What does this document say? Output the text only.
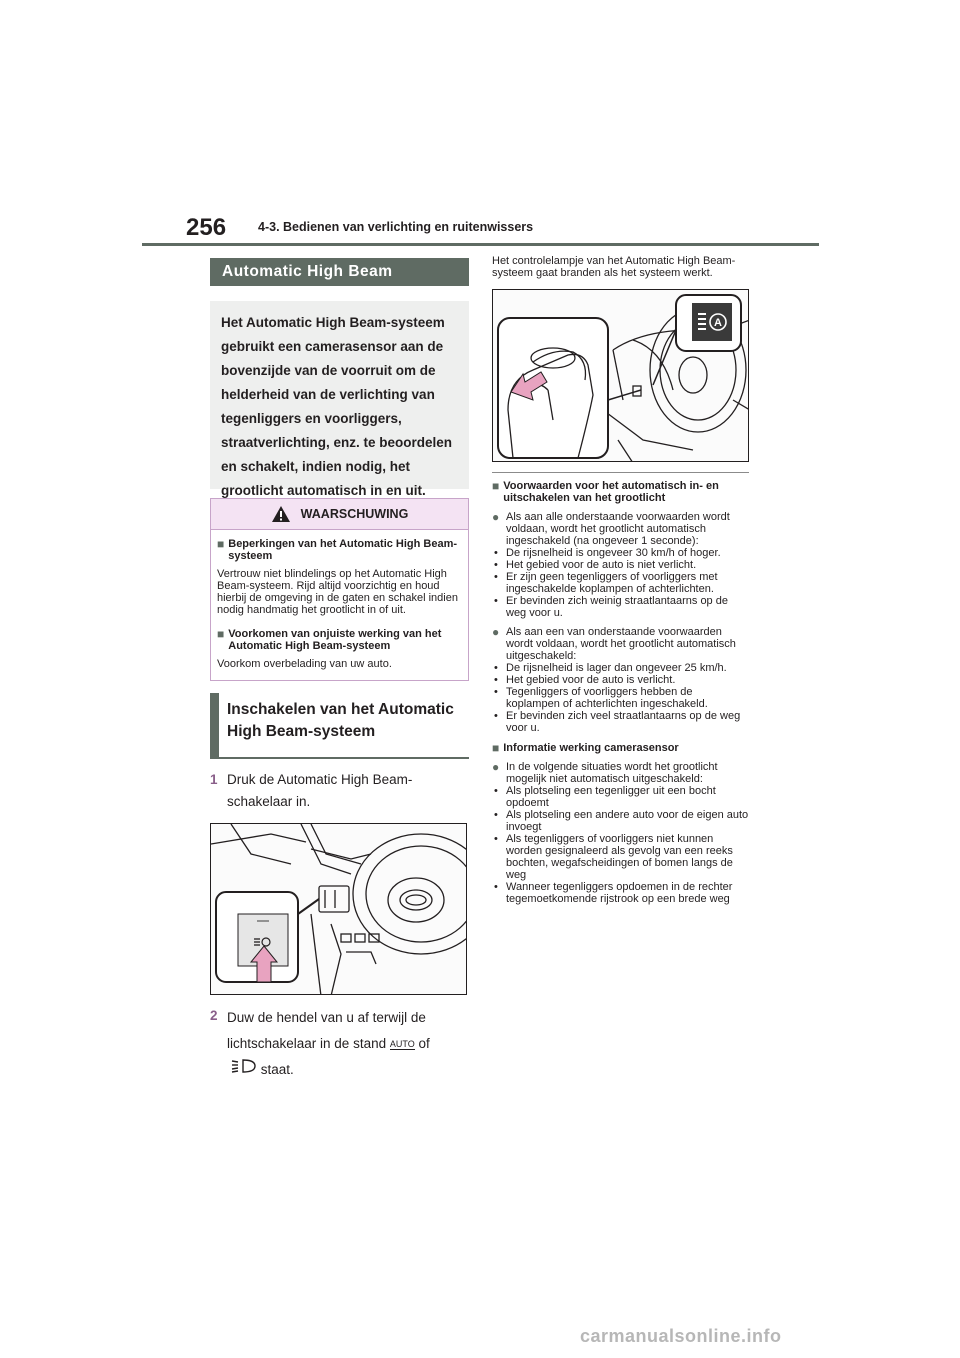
256	4-3. Bedienen van verlichting en ruitenwissers
Automatic High Beam
Het Automatic High Beam-systeem gebruikt een camerasensor aan de bovenzijde van de voorruit om de helderheid van de verlichting van tegenliggers en voorliggers, straatverlichting, enz. te beoordelen en schakelt, indien nodig, het grootlicht automatisch in en uit.
WAARSCHUWING
■ Beperkingen van het Automatic High Beam-systeem

Vertrouw niet blindelings op het Automatic High Beam-systeem. Rijd altijd voorzichtig en houd hierbij de omgeving in de gaten en schakel indien nodig handmatig het grootlicht in of uit.

■ Voorkomen van onjuiste werking van het Automatic High Beam-systeem

Voorkom overbelading van uw auto.

Inschakelen van het Automatic High Beam-systeem
1 Druk de Automatic High Beam-schakelaar in.
2 Duw de hendel van u af terwijl de lichtschakelaar in de stand AUTO of
staat.

Het controlelampje van het Automatic High Beam-systeem gaat branden als het systeem werkt.

A
■ Voorwaarden voor het automatisch in- en uitschakelen van het grootlicht
● Als aan alle onderstaande voorwaarden wordt voldaan, wordt het grootlicht automatisch ingeschakeld (na ongeveer 1 seconde):
• De rijsnelheid is ongeveer 30 km/h of hoger.
• Het gebied voor de auto is niet verlicht.
• Er zijn geen tegenliggers of voorliggers met ingeschakelde koplampen of achterlichten.
• Er bevinden zich weinig straatlantaarns op de weg voor u.
● Als aan een van onderstaande voorwaarden wordt voldaan, wordt het grootlicht automatisch uitgeschakeld:
• De rijsnelheid is lager dan ongeveer 25 km/h.
• Het gebied voor de auto is verlicht.
• Tegenliggers of voorliggers hebben de koplampen of achterlichten ingeschakeld.
• Er bevinden zich veel straatlantaarns op de weg voor u.
■ Informatie werking camerasensor
● In de volgende situaties wordt het grootlicht mogelijk niet automatisch uitgeschakeld:
• Als plotseling een tegenligger uit een bocht opdoemt
• Als plotseling een andere auto voor de eigen auto invoegt
• Als tegenliggers of voorliggers niet kunnen worden gesignaleerd als gevolg van een reeks bochten, wegafscheidingen of bomen langs de weg
• Wanneer tegenliggers opdoemen in de rechter tegemoetkomende rijstrook op een brede weg
carmanualsonline.info
